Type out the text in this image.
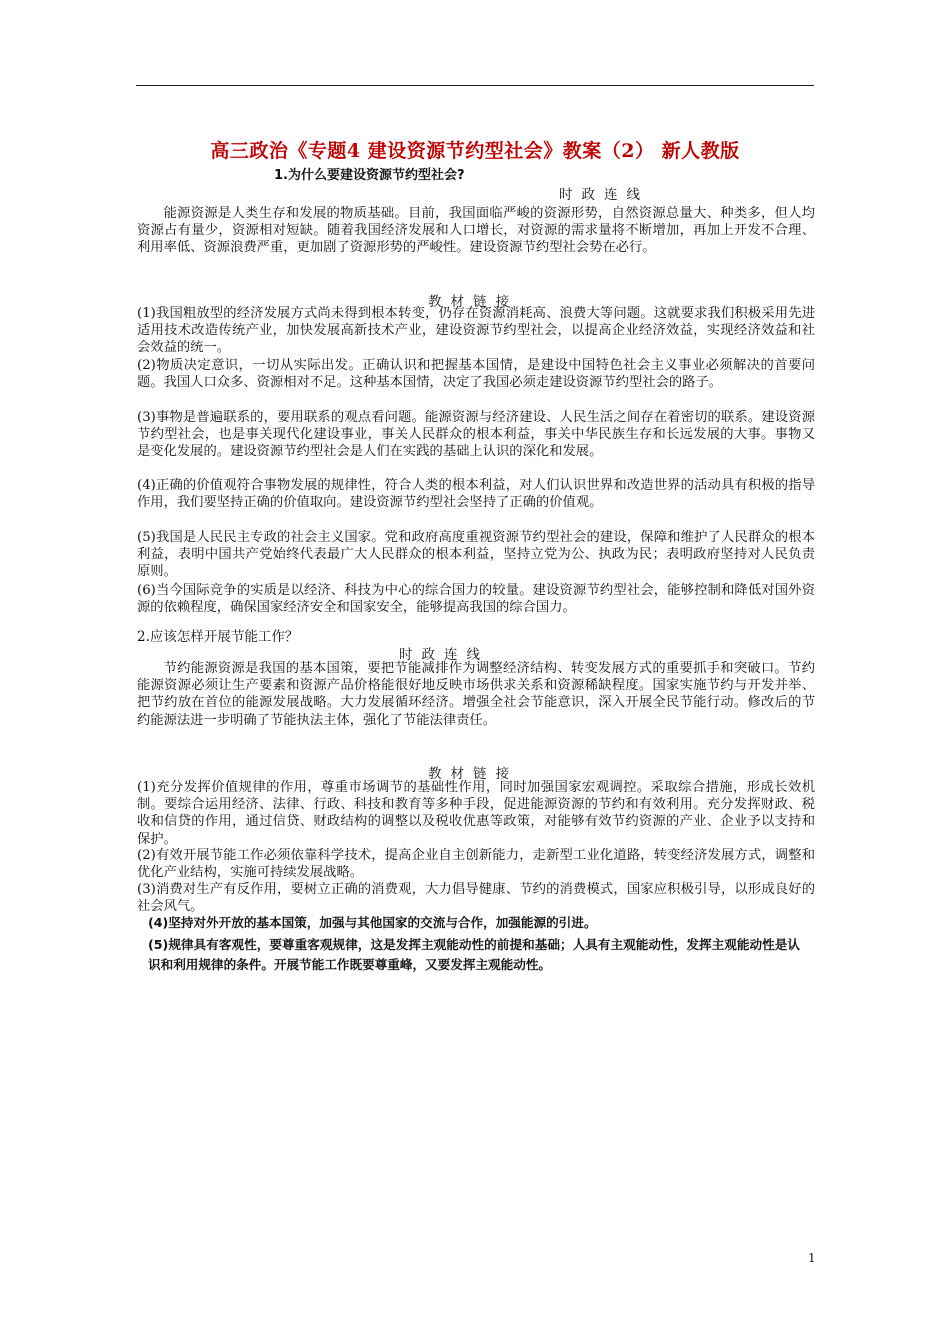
高三政治《专题4 建设资源节约型社会》教案（2） 新人教版
1.为什么要建设资源节约型社会?
时政连线

能源资源是人类生存和发展的物质基础。目前，我国面临严峻的资源形势，自然资源总量大、种类多，但人均资源占有量少，资源相对短缺。随着我国经济发展和人口增长，对资源的需求量将不断增加，再加上开发不合理、利用率低、资源浪费严重，更加剧了资源形势的严峻性。建设资源节约型社会势在必行。

教材链接

(1)我国粗放型的经济发展方式尚未得到根本转变，仍存在资源消耗高、浪费大等问题。这就要求我们积极采用先进适用技术改造传统产业，加快发展高新技术产业，建设资源节约型社会，以提高企业经济效益，实现经济效益和社会效益的统一。

(2)物质决定意识，一切从实际出发。正确认识和把握基本国情，是建设中国特色社会主义事业必须解决的首要问题。我国人口众多、资源相对不足。这种基本国情，决定了我国必须走建设资源节约型社会的路子。

(3)事物是普遍联系的，要用联系的观点看问题。能源资源与经济建设、人民生活之间存在着密切的联系。建设资源节约型社会，也是事关现代化建设事业，事关人民群众的根本利益，事关中华民族生存和长远发展的大事。事物又是变化发展的。建设资源节约型社会是人们在实践的基础上认识的深化和发展。

(4)正确的价值观符合事物发展的规律性，符合人类的根本利益，对人们认识世界和改造世界的活动具有积极的指导作用，我们要坚持正确的价值取向。建设资源节约型社会坚持了正确的价值观。

(5)我国是人民民主专政的社会主义国家。党和政府高度重视资源节约型社会的建设，保障和维护了人民群众的根本利益，表明中国共产党始终代表最广大人民群众的根本利益，坚持立党为公、执政为民；表明政府坚持对人民负责原则。

(6)当今国际竞争的实质是以经济、科技为中心的综合国力的较量。建设资源节约型社会，能够控制和降低对国外资源的依赖程度，确保国家经济安全和国家安全，能够提高我国的综合国力。

2.应该怎样开展节能工作？
时政连线

节约能源资源是我国的基本国策，要把节能减排作为调整经济结构、转变发展方式的重要抓手和突破口。节约能源资源必须让生产要素和资源产品价格能很好地反映市场供求关系和资源稀缺程度。国家实施节约与开发并举、把节约放在首位的能源发展战略。大力发展循环经济。增强全社会节能意识，深入开展全民节能行动。修改后的节约能源法进一步明确了节能执法主体，强化了节能法律责任。

教材链接

(1)充分发挥价值规律的作用，尊重市场调节的基础性作用，同时加强国家宏观调控。采取综合措施，形成长效机制。要综合运用经济、法律、行政、科技和教育等多种手段，促进能源资源的节约和有效利用。充分发挥财政、税收和信贷的作用，通过信贷、财政结构的调整以及税收优惠等政策，对能够有效节约资源的产业、企业予以支持和保护。

(2)有效开展节能工作必须依靠科学技术，提高企业自主创新能力，走新型工业化道路，转变经济发展方式，调整和优化产业结构，实施可持续发展战略。

(3)消费对生产有反作用，要树立正确的消费观，大力倡导健康、节约的消费模式，国家应积极引导，以形成良好的社会风气。

(4)坚持对外开放的基本国策，加强与其他国家的交流与合作，加强能源的引进。

(5)规律具有客观性，要尊重客观规律，这是发挥主观能动性的前提和基础；人具有主观能动性，发挥主观能动性是认识和利用规律的条件。开展节能工作既要尊重峰，又要发挥主观能动性。

1
